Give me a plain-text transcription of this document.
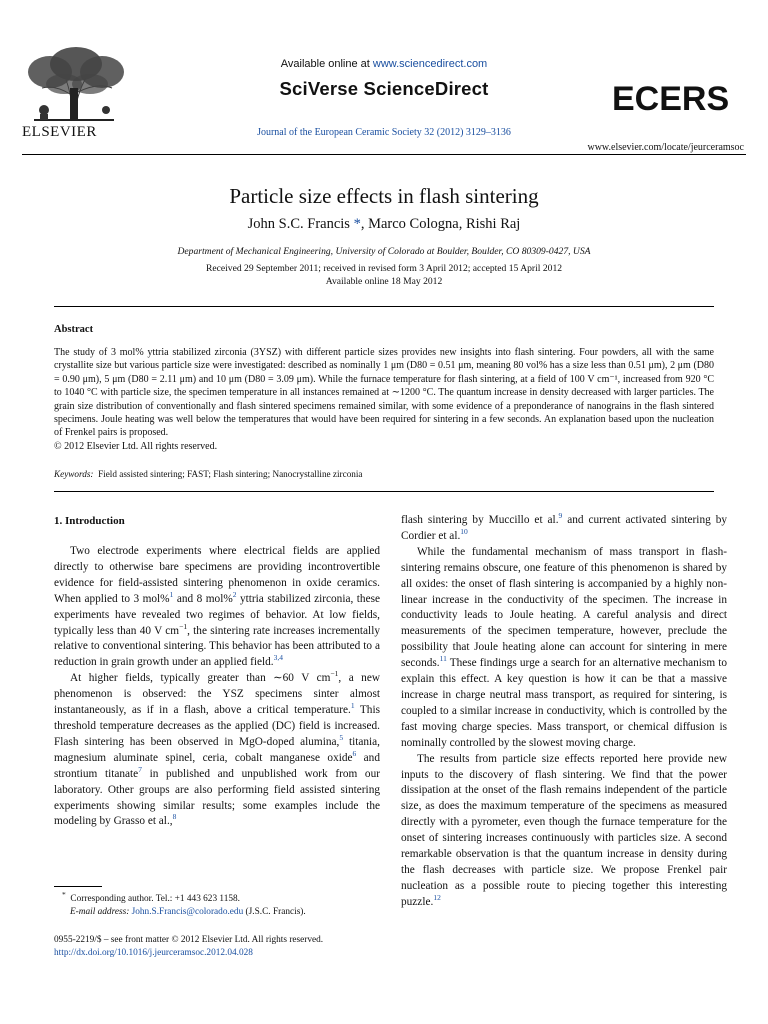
ELSEVIER
Available online at www.sciencedirect.com
SciVerse ScienceDirect
Journal of the European Ceramic Society 32 (2012) 3129–3136
ECERS
www.elsevier.com/locate/jeurceramsoc
Particle size effects in flash sintering
John S.C. Francis *, Marco Cologna, Rishi Raj
Department of Mechanical Engineering, University of Colorado at Boulder, Boulder, CO 80309-0427, USA
Received 29 September 2011; received in revised form 3 April 2012; accepted 15 April 2012
Available online 18 May 2012
Abstract
The study of 3 mol% yttria stabilized zirconia (3YSZ) with different particle sizes provides new insights into flash sintering. Four powders, all with the same crystallite size but various particle size were investigated: described as nominally 1 μm (D80 = 0.51 μm, meaning 80 vol% has a size less than 0.51 μm), 2 μm (D80 = 0.90 μm), 5 μm (D80 = 2.11 μm) and 10 μm (D80 = 3.09 μm). While the furnace temperature for flash sintering, at a field of 100 V cm⁻¹, increased from 920 °C to 1040 °C with particle size, the specimen temperature in all instances remained at ∼1200 °C. The quantum increase in density decreased with larger particles. The grain size distribution of conventionally and flash sintered specimens remained similar, with some evidence of a preponderance of nanograins in the flash sintered specimens. Joule heating was well below the temperatures that would have been required for sintering in a few seconds. An explanation based upon the nucleation of Frenkel pairs is proposed.
© 2012 Elsevier Ltd. All rights reserved.
Keywords: Field assisted sintering; FAST; Flash sintering; Nanocrystalline zirconia
1. Introduction

Two electrode experiments where electrical fields are applied directly to otherwise bare specimens are providing incontrovertible evidence for field-assisted sintering phenomenon in oxide ceramics. When applied to 3 mol%$^1$ and 8 mol%$^2$ yttria stabilized zirconia, these experiments have revealed two regimes of behavior. At low fields, typically less than 40 V $cm^{-1}$, the sintering rate increases incrementally relative to conventional sintering. This behavior has been attributed to a reduction in grain growth under an applied field.$^{3,4}$

At higher fields, typically greater than ∼60 V $cm^{-1}$, a new phenomenon is observed: the YSZ specimens sinter almost instantaneously, as if in a flash, above a critical temperature.$^1$ This threshold temperature decreases as the applied (DC) field is increased. Flash sintering has been observed in MgO-doped alumina,$^5$ titania, magnesium aluminate spinel, ceria, cobalt manganese oxide$^6$ and strontium titanate$^7$ in published and unpublished work from our laboratory. Other groups are also performing field assisted sintering experiments showing similar results; some examples include the modeling by Grasso et al.,$^8$

flash sintering by Muccillo et al.$^9$ and current activated sintering by Cordier et al.$^{10}$

While the fundamental mechanism of mass transport in flash-sintering remains obscure, one feature of this phenomenon is shared by all oxides: the onset of flash sintering is accompanied by a highly non-linear increase in the conductivity of the specimen. The increase in conductivity leads to Joule heating. A careful analysis and direct measurements of the specimen temperature, however, preclude the possibility that Joule heating alone can account for sintering in mere seconds.$^{11}$ These findings urge a search for an alternative mechanism to explain this effect. A key question is how it can be that a massive increase in charge neutral mass transport, as required for sintering, is coupled to a similar increase in conductivity, which is controlled by the fast moving charge species. Mass transport, or chemical diffusion is nominally controlled by the slowest moving charge.

The results from particle size effects reported here provide new inputs to the discovery of flash sintering. We find that the power dissipation at the onset of the flash remains independent of the particle size, as does the maximum temperature of the specimens as measured directly with a pyrometer, even though the furnace temperature for the onset of sintering increases continuously with particles size. A second remarkable observation is that the quantum increase in density during the flash decreases with particle size. We propose Frenkel pair nucleation as a possible route to piecing together this interesting puzzle.$^{12}$

* Corresponding author. Tel.: +1 443 623 1158.
E-mail address: John.S.Francis@colorado.edu (J.S.C. Francis).
0955-2219/$ – see front matter © 2012 Elsevier Ltd. All rights reserved.
http://dx.doi.org/10.1016/j.jeurceramsoc.2012.04.028
